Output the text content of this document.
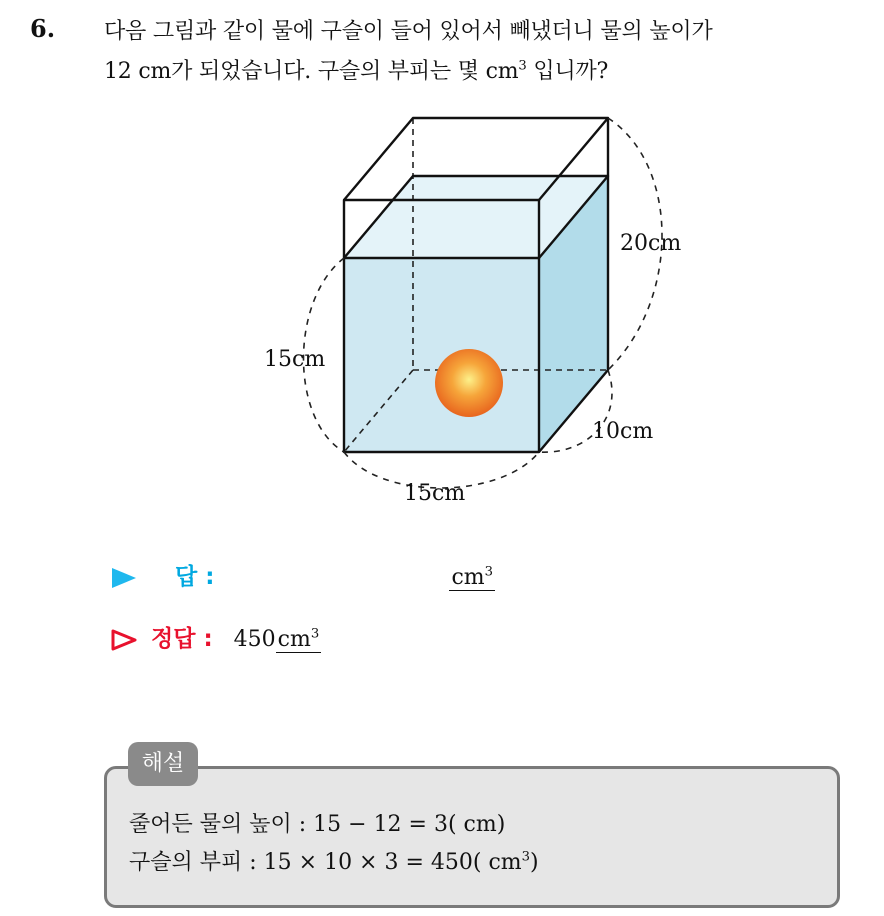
6. 다음 그림과 같이 물에 구슬이 들어 있어서 빼냈더니 물의 높이가
12 cm가 되었습니다. 구슬의 부피는 몇 $cm^3$ 입니까?
20cm
15cm
10cm
15cm
답 :	$cm^3$
정답 : $450cm^3$
해설
줄어든 물의 높이 : 15 − 12 = 3( cm)
구슬의 부피 : 15 × 10 × 3 = 450( $cm^3$)
